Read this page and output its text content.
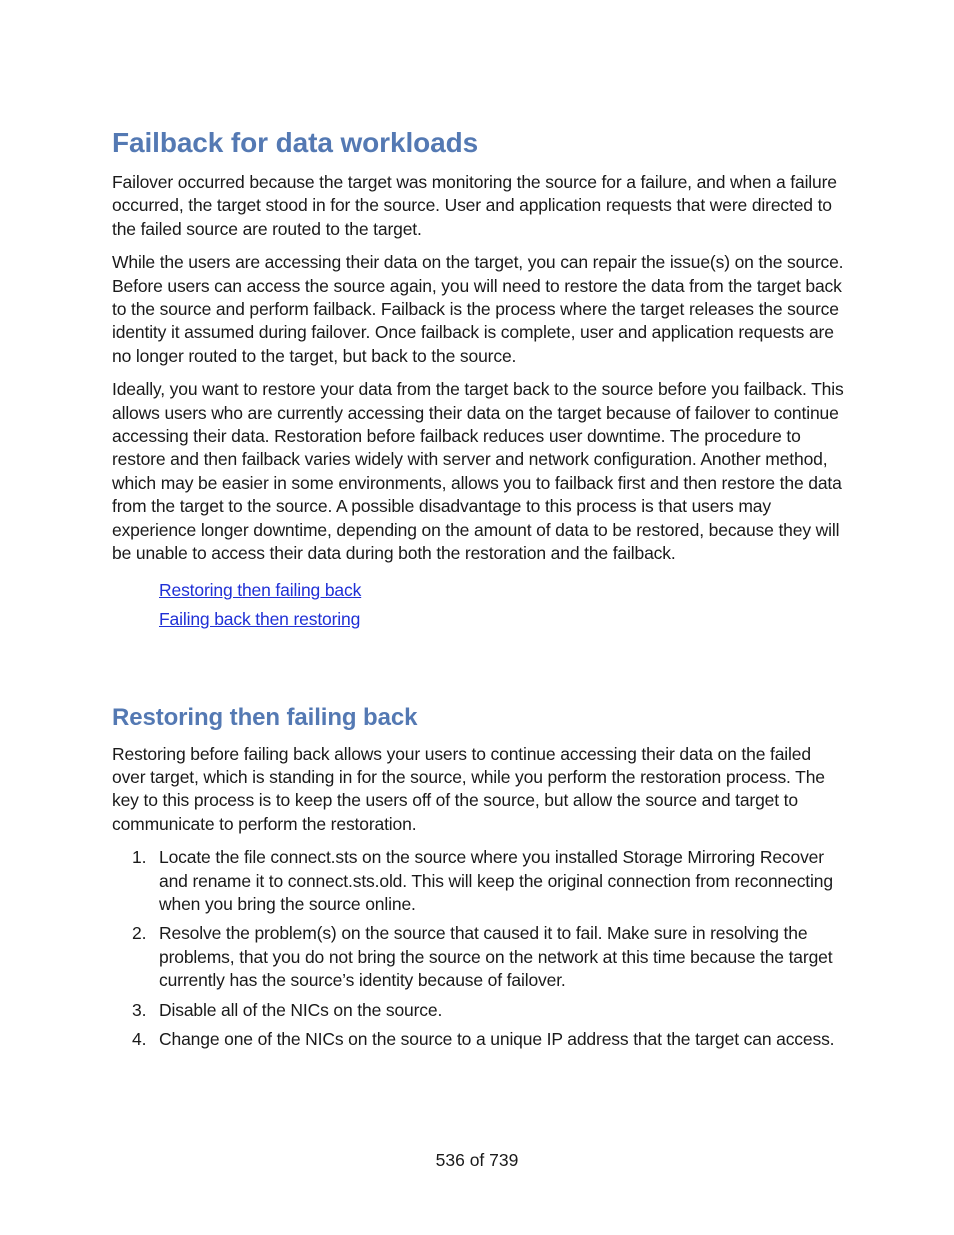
Failback for data workloads

Failover occurred because the target was monitoring the source for a failure, and when a failure occurred, the target stood in for the source. User and application requests that were directed to the failed source are routed to the target.

While the users are accessing their data on the target, you can repair the issue(s) on the source. Before users can access the source again, you will need to restore the data from the target back to the source and perform failback. Failback is the process where the target releases the source identity it assumed during failover. Once failback is complete, user and application requests are no longer routed to the target, but back to the source.

Ideally, you want to restore your data from the target back to the source before you failback. This allows users who are currently accessing their data on the target because of failover to continue accessing their data. Restoration before failback reduces user downtime. The procedure to restore and then failback varies widely with server and network configuration. Another method, which may be easier in some environments, allows you to failback first and then restore the data from the target to the source. A possible disadvantage to this process is that users may experience longer downtime, depending on the amount of data to be restored, because they will be unable to access their data during both the restoration and the failback.

Restoring then failing back
Failing back then restoring
Restoring then failing back

Restoring before failing back allows your users to continue accessing their data on the failed over target, which is standing in for the source, while you perform the restoration process. The key to this process is to keep the users off of the source, but allow the source and target to communicate to perform the restoration.

1. Locate the file connect.sts on the source where you installed Storage Mirroring Recover and rename it to connect.sts.old. This will keep the original connection from reconnecting when you bring the source online.
2. Resolve the problem(s) on the source that caused it to fail. Make sure in resolving the problems, that you do not bring the source on the network at this time because the target currently has the source’s identity because of failover.
3. Disable all of the NICs on the source.
4. Change one of the NICs on the source to a unique IP address that the target can access.
536 of 739
